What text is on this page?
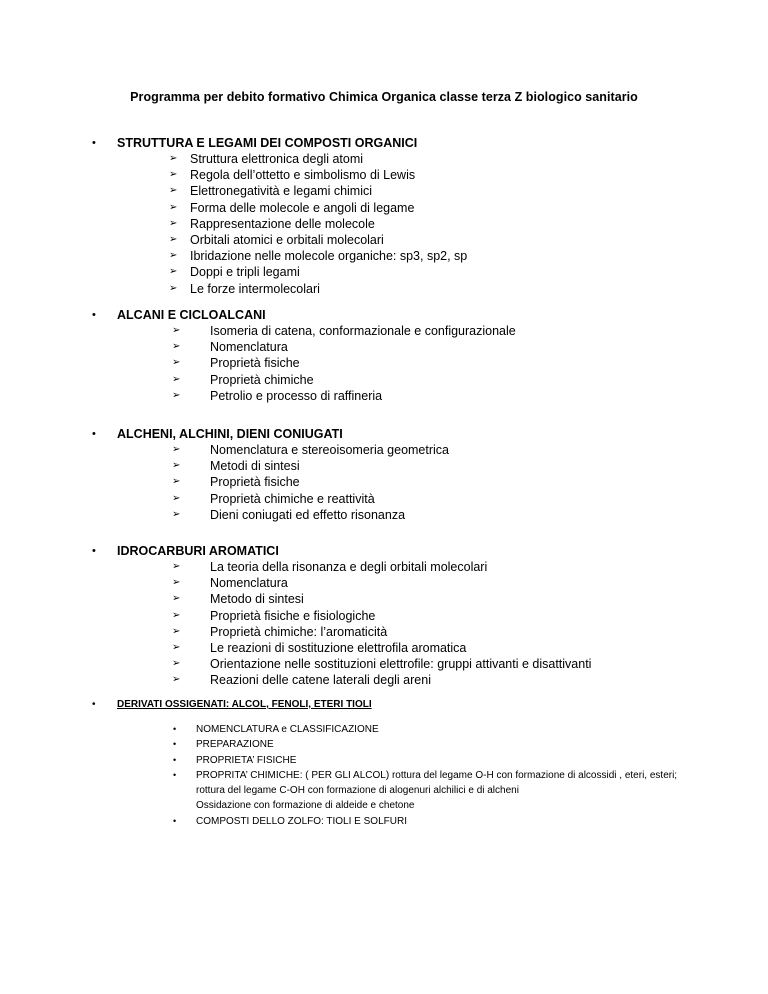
Programma per debito formativo Chimica Organica classe terza Z biologico sanitario
• STRUTTURA E LEGAMI DEI COMPOSTI ORGANICI
➢ Struttura elettronica degli atomi
➢ Regola dell’ottetto e simbolismo di Lewis
➢ Elettronegatività e legami chimici
➢ Forma delle molecole e angoli di legame
➢ Rappresentazione delle molecole
➢ Orbitali atomici e orbitali molecolari
➢ Ibridazione nelle molecole organiche: sp3, sp2, sp
➢ Doppi e tripli legami
➢ Le forze intermolecolari
• ALCANI E CICLOALCANI
➢ Isomeria di catena, conformazionale e configurazionale
➢ Nomenclatura
➢ Proprietà fisiche
➢ Proprietà chimiche
➢ Petrolio e processo di raffineria
• ALCHENI, ALCHINI, DIENI CONIUGATI
➢ Nomenclatura e stereoisomeria geometrica
➢ Metodi di sintesi
➢ Proprietà fisiche
➢ Proprietà chimiche e reattività
➢ Dieni coniugati ed effetto risonanza
• IDROCARBURI AROMATICI
➢ La teoria della risonanza e degli orbitali molecolari
➢ Nomenclatura
➢ Metodo di sintesi
➢ Proprietà fisiche e fisiologiche
➢ Proprietà chimiche: l’aromaticità
➢ Le reazioni di sostituzione elettrofila aromatica
➢ Orientazione nelle sostituzioni elettrofile: gruppi attivanti e disattivanti
➢ Reazioni delle catene laterali degli areni
• DERIVATI OSSIGENATI: ALCOL, FENOLI, ETERI TIOLI
• NOMENCLATURA e CLASSIFICAZIONE
• PREPARAZIONE
• PROPRIETA’ FISICHE
• PROPRITA’ CHIMICHE: ( PER GLI ALCOL) rottura del legame O-H con formazione di alcossidi , eteri, esteri;
rottura del legame C-OH con formazione di alogenuri alchilici e di alcheni
Ossidazione con formazione di aldeide e chetone
• COMPOSTI DELLO ZOLFO: TIOLI E SOLFURI
